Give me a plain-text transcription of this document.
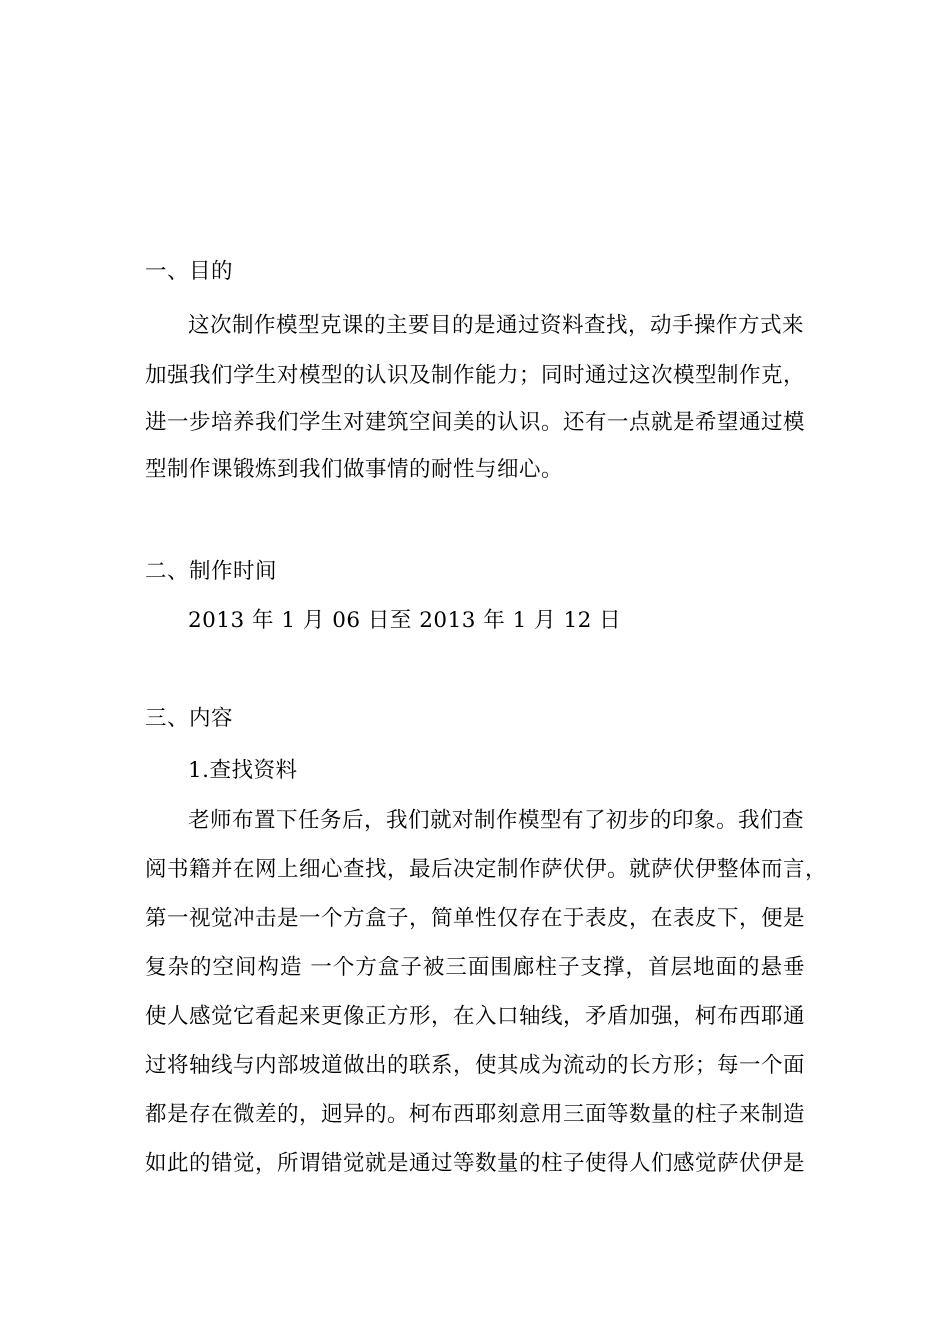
一、目的
这次制作模型克课的主要目的是通过资料查找，动手操作方式来
加强我们学生对模型的认识及制作能力；同时通过这次模型制作克，
进一步培养我们学生对建筑空间美的认识。还有一点就是希望通过模
型制作课锻炼到我们做事情的耐性与细心。
二、制作时间
2013 年 1 月 06 日至 2013 年 1 月 12 日
三、内容
1.查找资料
老师布置下任务后，我们就对制作模型有了初步的印象。我们查
阅书籍并在网上细心查找，最后决定制作萨伏伊。就萨伏伊整体而言，
第一视觉冲击是一个方盒子，简单性仅存在于表皮，在表皮下，便是
复杂的空间构造 一个方盒子被三面围廊柱子支撑，首层地面的悬垂
使人感觉它看起来更像正方形，在入口轴线，矛盾加强，柯布西耶通
过将轴线与内部坡道做出的联系，使其成为流动的长方形；每一个面
都是存在微差的，迥异的。柯布西耶刻意用三面等数量的柱子来制造
如此的错觉，所谓错觉就是通过等数量的柱子使得人们感觉萨伏伊是
